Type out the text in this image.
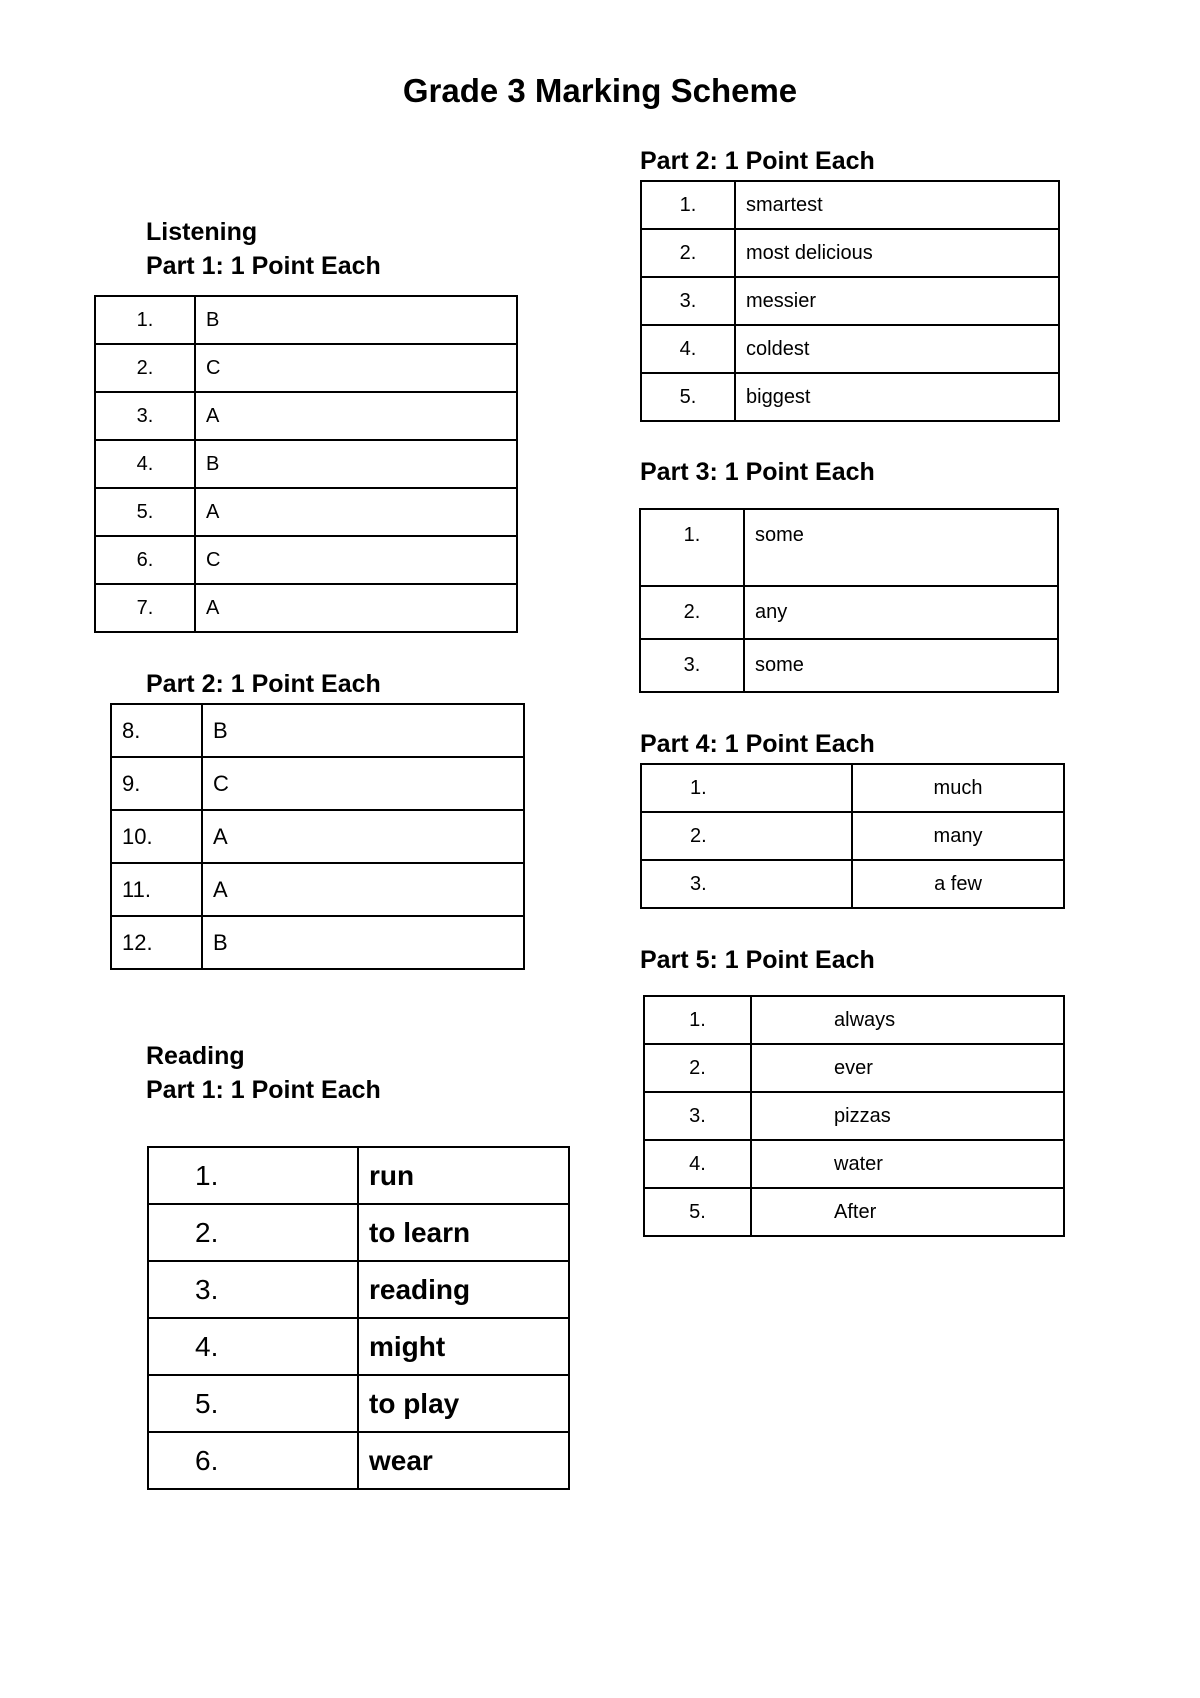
Grade 3 Marking Scheme
Listening
Part 1: 1 Point Each
1.	B
2.	C
3.	A
4.	B
5.	A
6.	C
7.	A
Part 2: 1 Point Each
8.	B
9.	C
10.	A
11.	A
12.	B
Reading
Part 1: 1 Point Each
1.	run
2.	to learn
3.	reading
4.	might
5.	to play
6.	wear
Part 2: 1 Point Each
1.	smartest
2.	most delicious
3.	messier
4.	coldest
5.	biggest
Part 3: 1 Point Each
1.	some
2.	any
3.	some
Part 4: 1 Point Each
1.	much
2.	many
3.	a few
Part 5: 1 Point Each
1.	always
2.	ever
3.	pizzas
4.	water
5.	After
